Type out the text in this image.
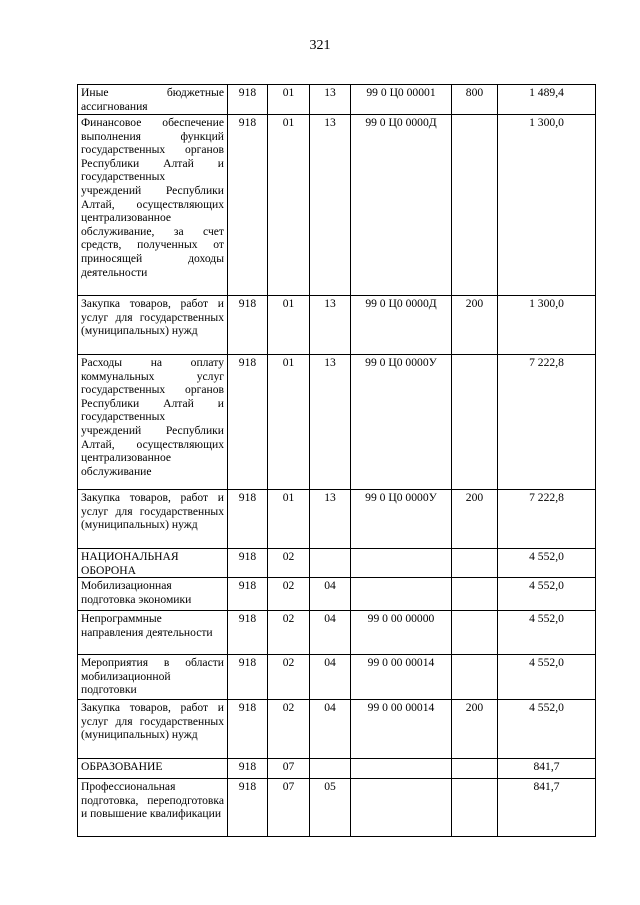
321
Иные бюджетные ассигнования	918	01	13	99 0 Ц0 00001	800	1 489,4
Финансовое обеспечение выполнения функций государственных органов Республики Алтай и государственных учреждений Республики Алтай, осуществляющих централизованное обслуживание, за счет средств, полученных от приносящей доходы деятельности	918	01	13	99 0 Ц0 0000Д		1 300,0
Закупка товаров, работ и услуг для государственных (муниципальных) нужд	918	01	13	99 0 Ц0 0000Д	200	1 300,0
Расходы на оплату коммунальных услуг государственных органов Республики Алтай и государственных учреждений Республики Алтай, осуществляющих централизованное обслуживание	918	01	13	99 0 Ц0 0000У		7 222,8
Закупка товаров, работ и услуг для государственных (муниципальных) нужд	918	01	13	99 0 Ц0 0000У	200	7 222,8
НАЦИОНАЛЬНАЯ ОБОРОНА	918	02				4 552,0
Мобилизационная подготовка экономики	918	02	04			4 552,0
Непрограммные направления деятельности	918	02	04	99 0 00 00000		4 552,0
Мероприятия в области мобилизационной подготовки	918	02	04	99 0 00 00014		4 552,0
Закупка товаров, работ и услуг для государственных (муниципальных) нужд	918	02	04	99 0 00 00014	200	4 552,0
ОБРАЗОВАНИЕ	918	07				841,7
Профессиональная подготовка, переподготовка и повышение квалификации	918	07	05			841,7
